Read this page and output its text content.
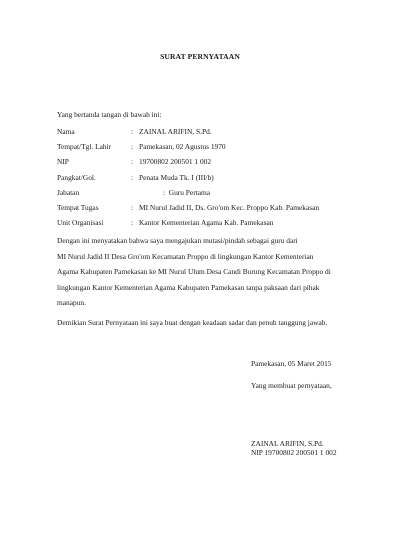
SURAT PERNYATAAN
Yang bertanda tangan di bawah ini:
Nama	:	ZAINAL ARIFIN, S.Pd.
Tempat/Tgl. Lahir	:	Pamekasan, 02 Agustus 1970
NIP	:	19700802 200501 1 002
Pangkat/Gol.	:	Penata Muda Tk. I (III/b)
Jabatan		: Guru Pertama
Tempat Tugas	:	MI Nurul Jadid II, Ds. Gro'om Kec. Proppo Kab. Pamekasan
Unit Organisasi	:	Kantor Kementerian Agama Kab. Pamekasan

Dengan ini menyatakan bahwa saya mengajukan mutasi/pindah sebagai guru dari

MI Nurul Jadid II Desa Gro'om Kecamatan Proppo di lingkungan Kantor Kementerian

Agama Kabupaten Pamekasan ke MI Nurul Ulum Desa Candi Burung Kecamatan Proppo di

lingkungan Kantor Kementerian Agama Kabupaten Pamekasan tanpa paksaan dari pihak

manapun.

Demikian Surat Pernyataan ini saya buat dengan keadaan sadar dan penuh tanggung jawab.
Pamekasan, 05 Maret 2015
Yang membuat pernyataan,
ZAINAL ARIFIN, S.Pd.
NIP 19700802 200501 1 002
